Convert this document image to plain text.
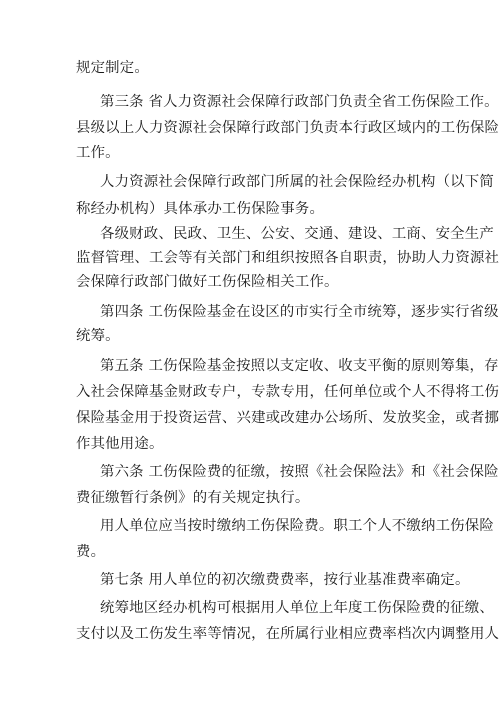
规定制定。
第三条 省人力资源社会保障行政部门负责全省工伤保险工作。
县级以上人力资源社会保障行政部门负责本行政区域内的工伤保险
工作。
人力资源社会保障行政部门所属的社会保险经办机构（以下简
称经办机构）具体承办工伤保险事务。
各级财政、民政、卫生、公安、交通、建设、工商、安全生产
监督管理、工会等有关部门和组织按照各自职责，协助人力资源社
会保障行政部门做好工伤保险相关工作。
第四条 工伤保险基金在设区的市实行全市统筹，逐步实行省级
统筹。
第五条 工伤保险基金按照以支定收、收支平衡的原则筹集，存
入社会保障基金财政专户，专款专用，任何单位或个人不得将工伤
保险基金用于投资运营、兴建或改建办公场所、发放奖金，或者挪
作其他用途。
第六条 工伤保险费的征缴，按照《社会保险法》和《社会保险
费征缴暂行条例》的有关规定执行。
用人单位应当按时缴纳工伤保险费。职工个人不缴纳工伤保险
费。
第七条 用人单位的初次缴费费率，按行业基准费率确定。
统筹地区经办机构可根据用人单位上年度工伤保险费的征缴、
支付以及工伤发生率等情况，在所属行业相应费率档次内调整用人
